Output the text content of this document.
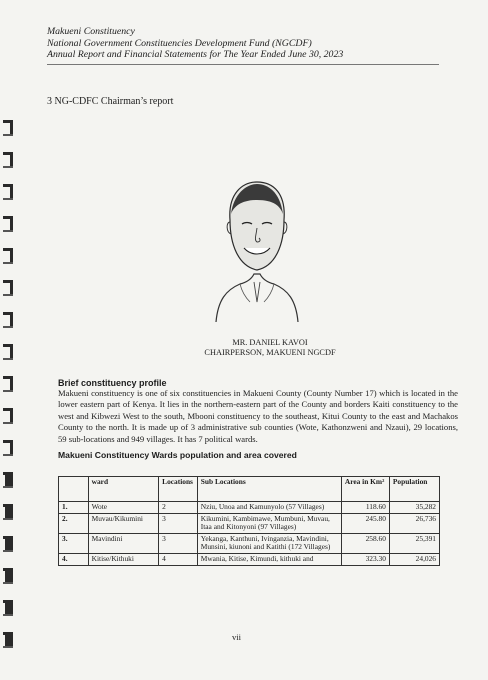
Makueni Constituency
National Government Constituencies Development Fund (NGCDF)
Annual Report and Financial Statements for The Year Ended June 30, 2023
3 NG-CDFC Chairman’s report
MR. DANIEL KAVOI
CHAIRPERSON, MAKUENI NGCDF
Brief constituency profile
Makueni constituency is one of six constituencies in Makueni County (County Number 17) which is located in the lower eastern part of Kenya. It lies in the northern-eastern part of the County and borders Kaiti constituency to the west and Kibwezi West to the south, Mbooni constituency to the southeast, Kitui County to the east and Machakos County to the north. It is made up of 3 administrative sub counties (Wote, Kathonzweni and Nzaui), 29 locations, 59 sub-locations and 949 villages. It has 7 political wards.
Makueni Constituency Wards population and area covered
	ward	Locations	Sub Locations	Area in Km²	Population
1.	Wote	2	Nziu, Unoa and Kamunyolo (57 Villages)	118.60	35,282
2.	Muvau/Kikumini	3	Kikumini, Kambimawe, Mumbuni, Muvau, Itaa and Kitonyoni (97 Villages)	245.80	26,736
3.	Mavindini	3	Yekanga, Kanthuni, Ivinganzia, Mavindini, Munsini, kiunoni and Katithi (172 Villages)	258.60	25,391
4.	Kitise/Kithuki	4	Mwania, Kitise, Kimundi, kithuki and	323.30	24,026
vii
